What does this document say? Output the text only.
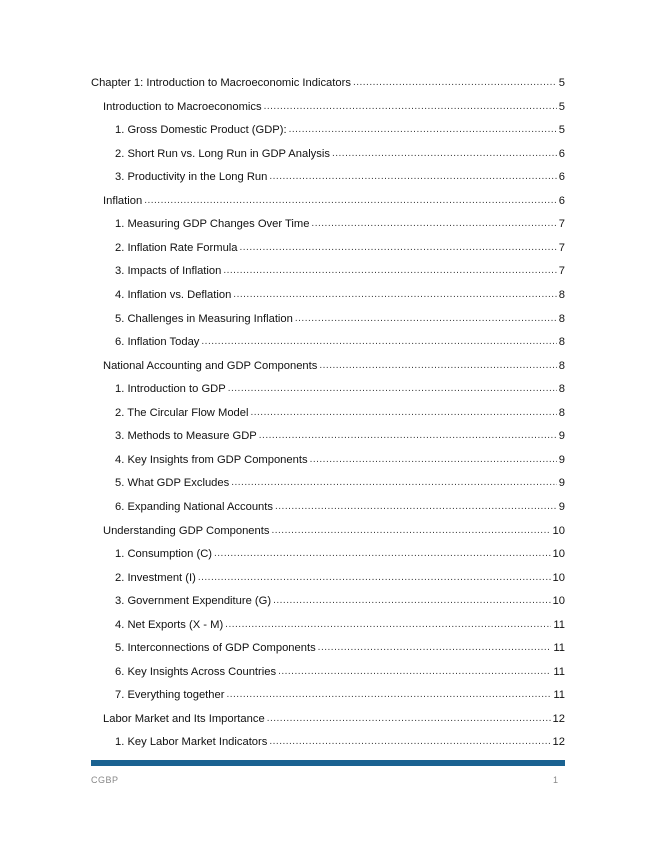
Chapter 1: Introduction to Macroeconomic Indicators .....	5
Introduction to Macroeconomics .....	5
1. Gross Domestic Product (GDP): .....	5
2. Short Run vs. Long Run in GDP Analysis .....	6
3. Productivity in the Long Run .....	6
Inflation .....	6
1. Measuring GDP Changes Over Time .....	7
2. Inflation Rate Formula .....	7
3. Impacts of Inflation .....	7
4. Inflation vs. Deflation .....	8
5. Challenges in Measuring Inflation .....	8
6. Inflation Today .....	8
National Accounting and GDP Components .....	8
1. Introduction to GDP .....	8
2. The Circular Flow Model .....	8
3. Methods to Measure GDP .....	9
4. Key Insights from GDP Components .....	9
5. What GDP Excludes .....	9
6. Expanding National Accounts .....	9
Understanding GDP Components .....	10
1. Consumption (C) .....	10
2. Investment (I) .....	10
3. Government Expenditure (G) .....	10
4. Net Exports (X - M) .....	11
5. Interconnections of GDP Components .....	11
6. Key Insights Across Countries .....	11
7. Everything together .....	11
Labor Market and Its Importance .....	12
1. Key Labor Market Indicators .....	12
CGBP	1
